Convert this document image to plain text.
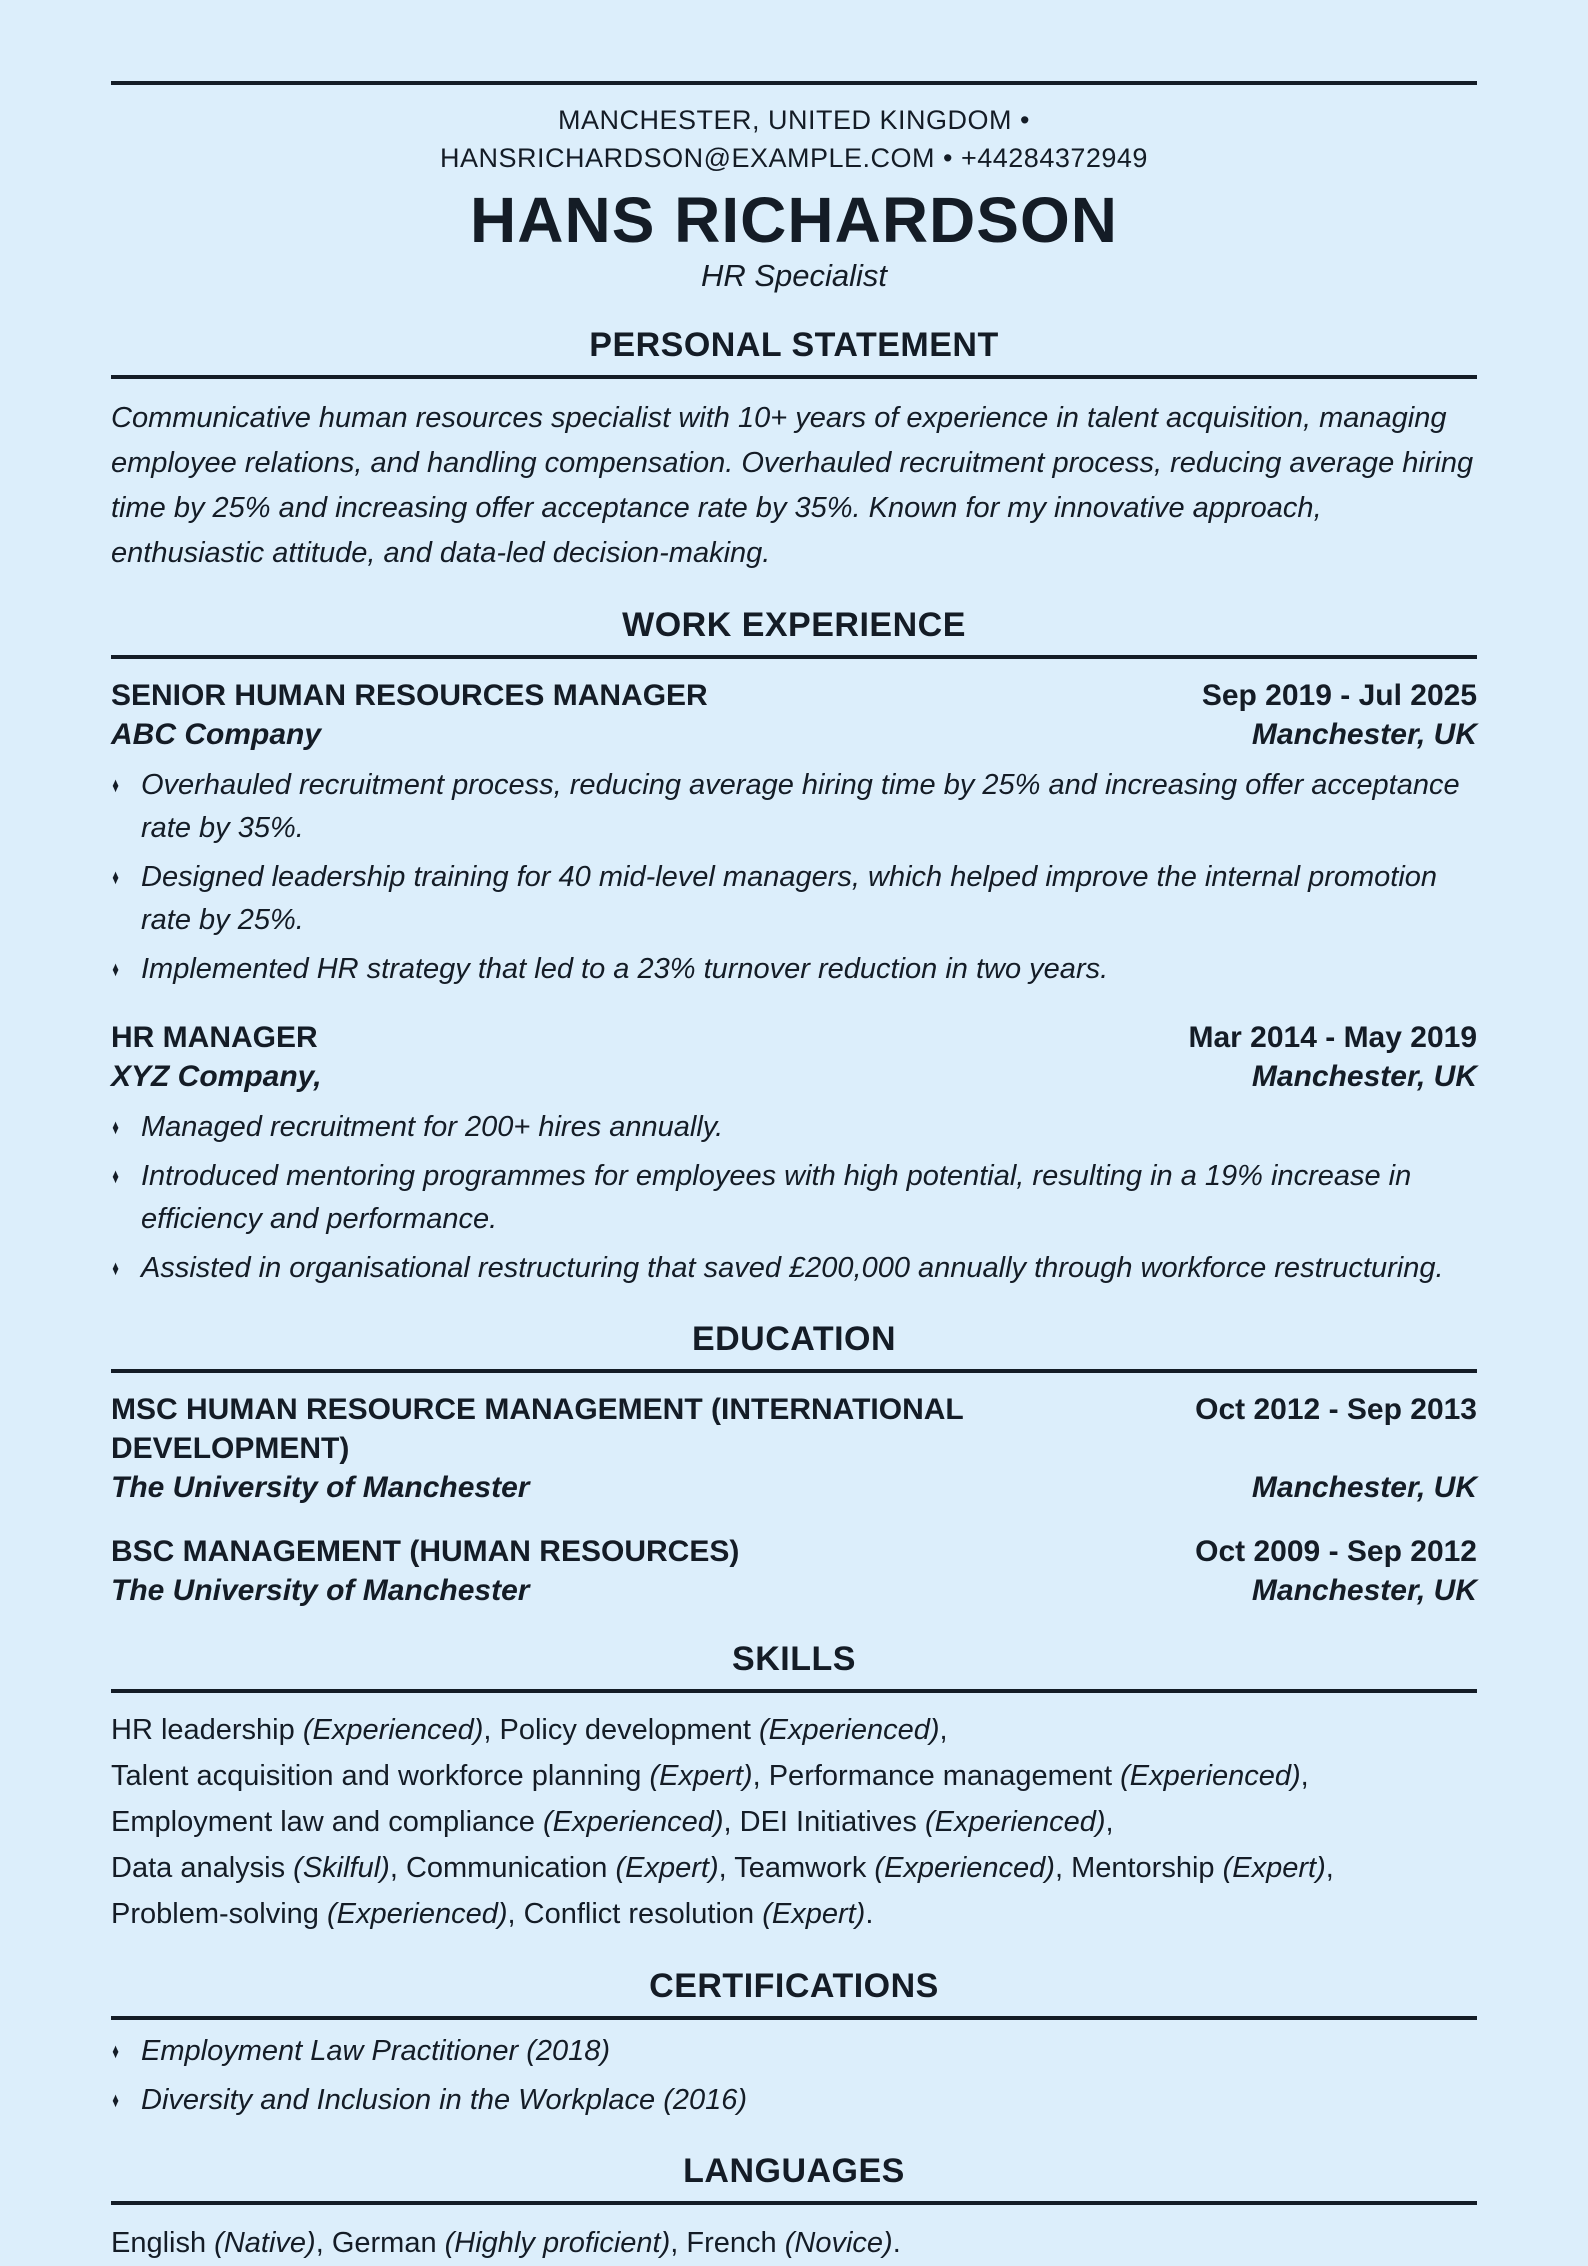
MANCHESTER, UNITED KINGDOM •
HANSRICHARDSON@EXAMPLE.COM • +44284372949
HANS RICHARDSON
HR Specialist
PERSONAL STATEMENT
Communicative human resources specialist with 10+ years of experience in talent acquisition, managing employee relations, and handling compensation. Overhauled recruitment process, reducing average hiring time by 25% and increasing offer acceptance rate by 35%. Known for my innovative approach, enthusiastic attitude, and data-led decision-making.
WORK EXPERIENCE
SENIOR HUMAN RESOURCES MANAGER	Sep 2019 - Jul 2025
ABC Company	Manchester, UK
♦ Overhauled recruitment process, reducing average hiring time by 25% and increasing offer acceptance rate by 35%.
♦ Designed leadership training for 40 mid-level managers, which helped improve the internal promotion rate by 25%.
♦ Implemented HR strategy that led to a 23% turnover reduction in two years.
HR MANAGER	Mar 2014 - May 2019
XYZ Company,	Manchester, UK
♦ Managed recruitment for 200+ hires annually.
♦ Introduced mentoring programmes for employees with high potential, resulting in a 19% increase in efficiency and performance.
♦ Assisted in organisational restructuring that saved £200,000 annually through workforce restructuring.
EDUCATION
MSC HUMAN RESOURCE MANAGEMENT (INTERNATIONAL DEVELOPMENT)
Oct 2012 - Sep 2013
The University of Manchester	Manchester, UK
BSC MANAGEMENT (HUMAN RESOURCES)	Oct 2009 - Sep 2012
The University of Manchester	Manchester, UK
SKILLS
HR leadership (Experienced), Policy development (Experienced),
Talent acquisition and workforce planning (Expert), Performance management (Experienced),
Employment law and compliance (Experienced), DEI Initiatives (Experienced),
Data analysis (Skilful), Communication (Expert), Teamwork (Experienced), Mentorship (Expert),
Problem-solving (Experienced), Conflict resolution (Expert).
CERTIFICATIONS
♦ Employment Law Practitioner (2018)
♦ Diversity and Inclusion in the Workplace (2016)
LANGUAGES
English (Native), German (Highly proficient), French (Novice).
